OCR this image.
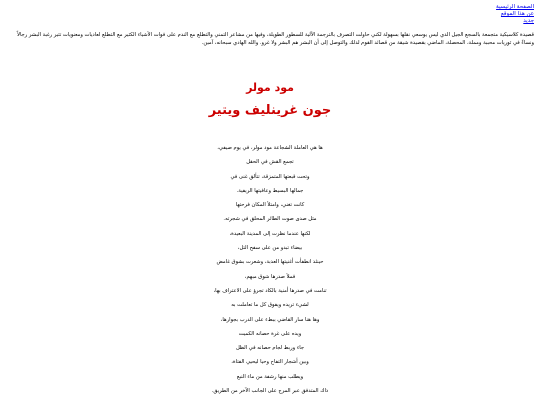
الصفحة الرئيسية
عن هذا الموقع
جديد

قصيدة كلاسيكية متجمعة بالسجع الجيل الذي ليس يوسعي نقلها بسهولة لكني حاولت التصرف بالترجمة الآلية للسطور الطويلة، وفيها من مشاعر التمني والتطلع مع الندم على فوات الأشياء الكثير مع التطلع لعاديات ومعنويات تثير رغبة البشر رجالاً ونساءً في ثوريات محببة ومملة، المحصلة، الماضي بقصيدة شيقة من قصائد القوم لذلك والتوصل إلى أن البشر هم البشر ولا غرو. والله الهادي سبحانه، آمين.

مود مولر
جون غرينليف ويتير
ها هي العاملة الشجاعة مود مولر، في يوم صيفي،
تجمع القش في الحقل
وتحت قبعتها المتمزقة، تتألق غنى في
جمالها البسيط وعافيتها الريفية.
كانت تغني، وامتلأ المكان فرحتها
مثل صدى صوت الطائر المحلق في شجرته.
لكنها عندما نظرت إلى المدينة البعيدة،
بيضاء تبدو من على سفح التل،
حينئذ انطفأت أغنيتها العذبة، وشعرت بشوق غامض
فملأ صدرها شوق مبهم،
تنامت في صدرها أمنية بالكاد تجرؤ على الاعتراف بها،
لشيء تريده ويفوق كل ما تعاملت به
وها هنا سار القاضي ببطء على الدرب بجوارها،
ويده على غرة حصانه الكميت
جاء وربط لجام حصانه في الظل
وبين أشجار التفاح وحيا ليحيي الفتاة،
ويطلب منها رشفة من ماء النبع
ذاك المتدفق عبر المرج على الجانب الآخر من الطريق.
